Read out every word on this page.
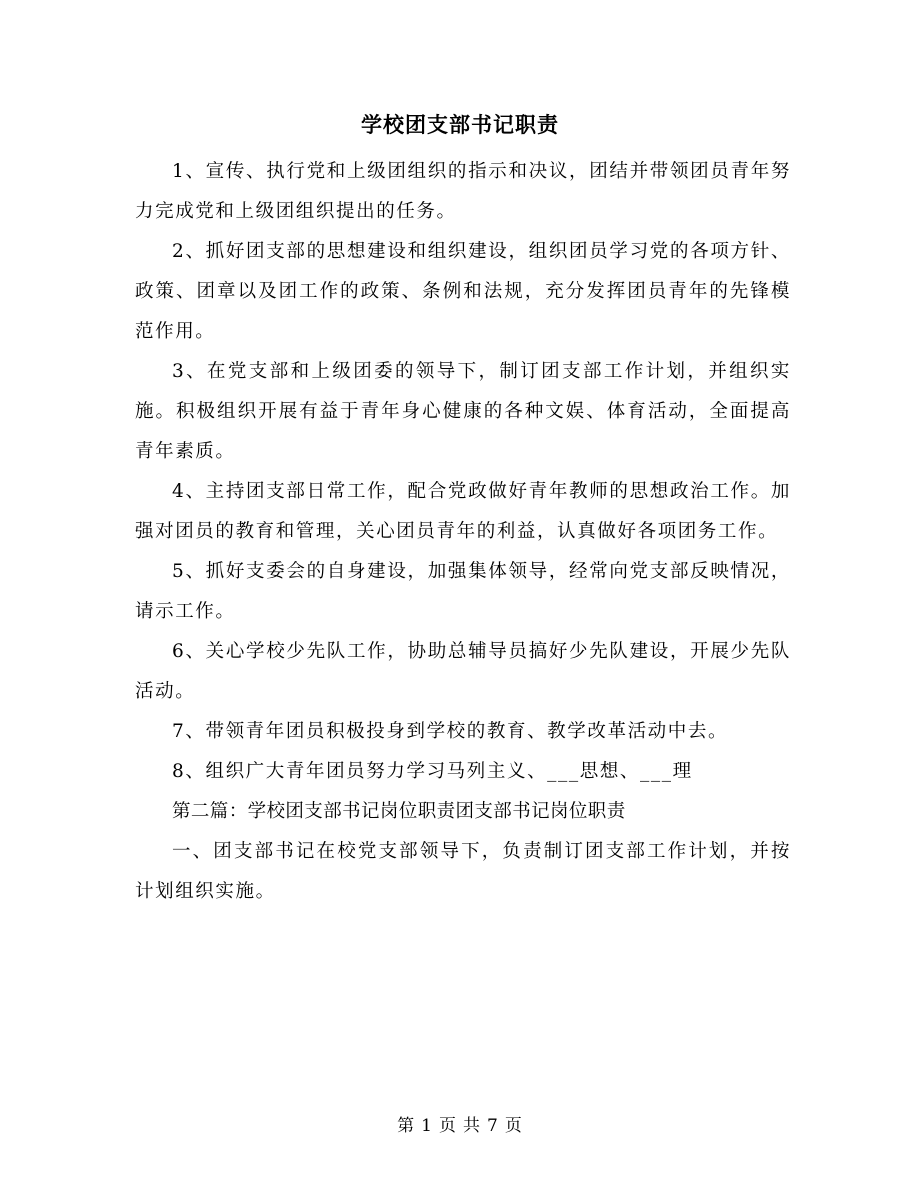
学校团支部书记职责

1、宣传、执行党和上级团组织的指示和决议，团结并带领团员青年努力完成党和上级团组织提出的任务。

2、抓好团支部的思想建设和组织建设，组织团员学习党的各项方针、政策、团章以及团工作的政策、条例和法规，充分发挥团员青年的先锋模范作用。

3、在党支部和上级团委的领导下，制订团支部工作计划，并组织实施。积极组织开展有益于青年身心健康的各种文娱、体育活动，全面提高青年素质。

4、主持团支部日常工作，配合党政做好青年教师的思想政治工作。加强对团员的教育和管理，关心团员青年的利益，认真做好各项团务工作。

5、抓好支委会的自身建设，加强集体领导，经常向党支部反映情况，请示工作。

6、关心学校少先队工作，协助总辅导员搞好少先队建设，开展少先队活动。

7、带领青年团员积极投身到学校的教育、教学改革活动中去。

8、组织广大青年团员努力学习马列主义、___思想、___理

第二篇：学校团支部书记岗位职责团支部书记岗位职责

一、团支部书记在校党支部领导下，负责制订团支部工作计划，并按计划组织实施。

第 1 页 共 7 页
